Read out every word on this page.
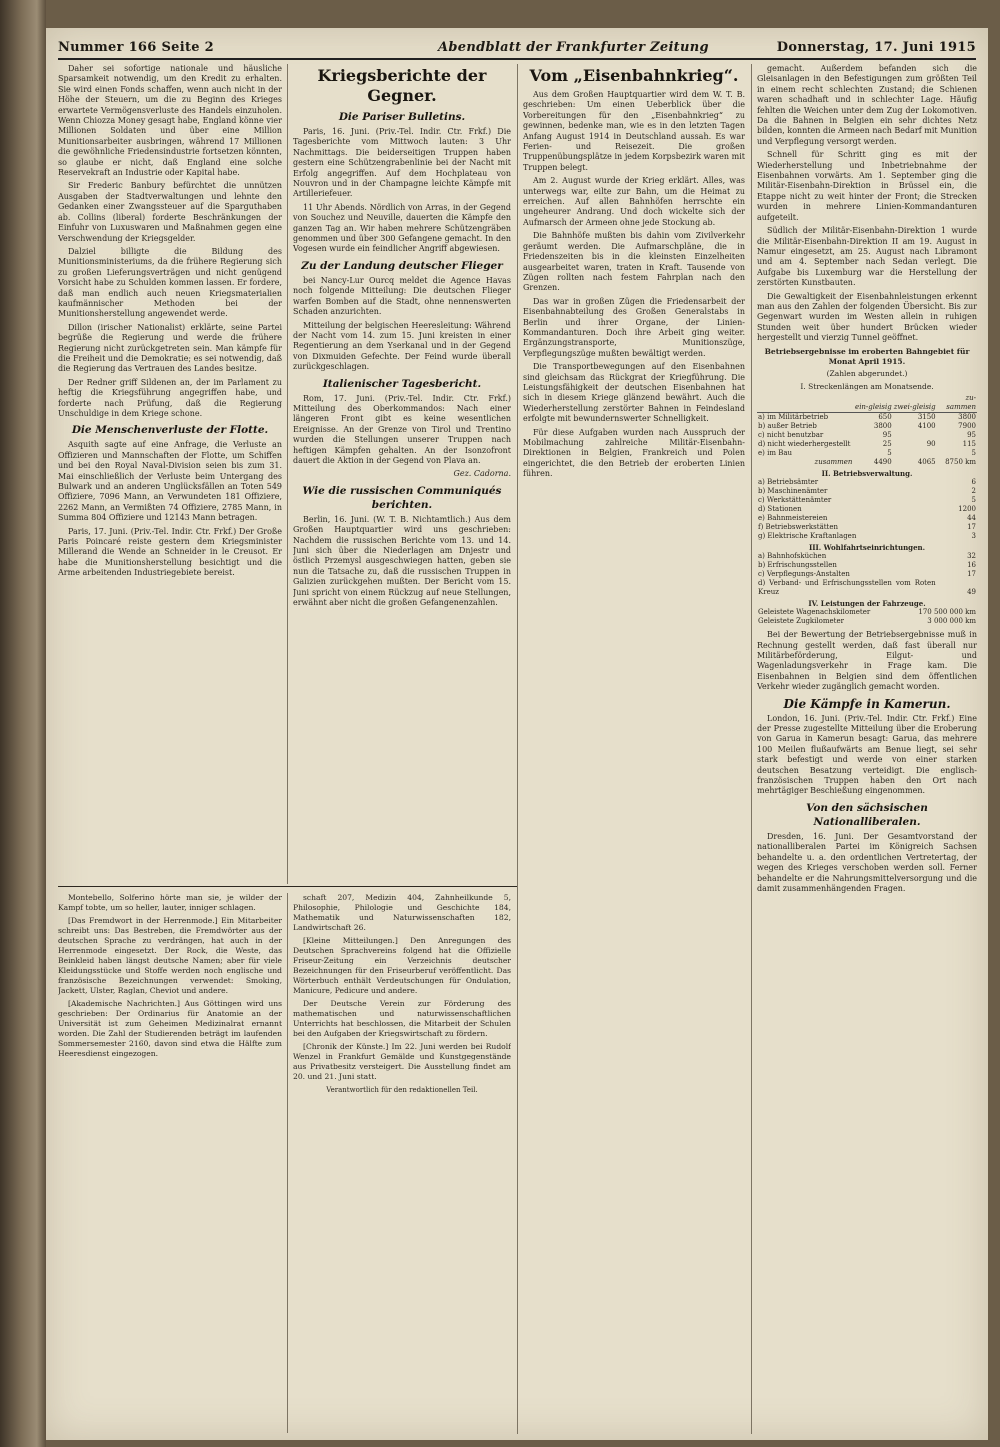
Nummer 166 Seite 2	Abendblatt der Frankfurter Zeitung	Donnerstag, 17. Juni 1915

Daher sei sofortige nationale und häusliche Sparsamkeit notwendig, um den Kredit zu erhalten. Sie wird einen Fonds schaffen, wenn auch nicht in der Höhe der Steuern, um die zu Beginn des Krieges erwartete Vermögensverluste des Handels einzuholen. Wenn Chiozza Money gesagt habe, England könne vier Millionen Soldaten und über eine Million Munitionsarbeiter ausbringen, während 17 Millionen die gewöhnliche Friedensindustrie fortsetzen könnten, so glaube er nicht, daß England eine solche Reservekraft an Industrie oder Kapital habe.

Sir Frederic Banbury befürchtet die unnützen Ausgaben der Stadtverwaltungen und lehnte den Gedanken einer Zwangssteuer auf die Sparguthaben ab. Collins (liberal) forderte Beschränkungen der Einfuhr von Luxuswaren und Maßnahmen gegen eine Verschwendung der Kriegsgelder.

Dalziel billigte die Bildung des Munitionsministeriums, da die frühere Regierung sich zu großen Lieferungsverträgen und nicht genügend Vorsicht habe zu Schulden kommen lassen. Er fordere, daß man endlich auch neuen Kriegsmaterialien kaufmännischer Methoden bei der Munitionsherstellung angewendet werde.

Dillon (irischer Nationalist) erklärte, seine Partei begrüße die Regierung und werde die frühere Regierung nicht zurückgetreten sein. Man kämpfe für die Freiheit und die Demokratie; es sei notwendig, daß die Regierung das Vertrauen des Landes besitze.

Der Redner griff Sildenen an, der im Parlament zu heftig die Kriegsführung angegriffen habe, und forderte nach Prüfung, daß die Regierung Unschuldige in dem Kriege schone.

Die Menschenverluste der Flotte.

Asquith sagte auf eine Anfrage, die Verluste an Offizieren und Mannschaften der Flotte, um Schiffen und bei den Royal Naval-Division seien bis zum 31. Mai einschließlich der Verluste beim Untergang des Bulwark und an anderen Unglücksfällen an Toten 549 Offiziere, 7096 Mann, an Verwundeten 181 Offiziere, 2262 Mann, an Vermißten 74 Offiziere, 2785 Mann, in Summa 804 Offiziere und 12143 Mann betragen.

Paris, 17. Juni. (Priv.-Tel. Indir. Ctr. Frkf.) Der Große Paris Poincaré reiste gestern dem Kriegsminister Millerand die Wende an Schneider in le Creusot. Er habe die Munitionsherstellung besichtigt und die Arme arbeitenden Industriegebiete bereist.

Kriegsberichte der Gegner.
Die Pariser Bulletins.

Paris, 16. Juni. (Priv.-Tel. Indir. Ctr. Frkf.) Die Tagesberichte vom Mittwoch lauten: 3 Uhr Nachmittags. Die beiderseitigen Truppen haben gestern eine Schützengrabenlinie bei der Nacht mit Erfolg angegriffen. Auf dem Hochplateau von Nouvron und in der Champagne leichte Kämpfe mit Artilleriefeuer.

11 Uhr Abends. Nördlich von Arras, in der Gegend von Souchez und Neuville, dauerten die Kämpfe den ganzen Tag an. Wir haben mehrere Schützengräben genommen und über 300 Gefangene gemacht. In den Vogesen wurde ein feindlicher Angriff abgewiesen.

Zu der Landung deutscher Flieger

bei Nancy-Lur Ourcq meldet die Agence Havas noch folgende Mitteilung: Die deutschen Flieger warfen Bomben auf die Stadt, ohne nennenswerten Schaden anzurichten.

Mitteilung der belgischen Heeresleitung: Während der Nacht vom 14. zum 15. Juni kreisten in einer Regentierung an dem Yserkanal und in der Gegend von Dixmuiden Gefechte. Der Feind wurde überall zurückgeschlagen.

Italienischer Tagesbericht.

Rom, 17. Juni. (Priv.-Tel. Indir. Ctr. Frkf.) Mitteilung des Oberkommandos: Nach einer längeren Front gibt es keine wesentlichen Ereignisse. An der Grenze von Tirol und Trentino wurden die Stellungen unserer Truppen nach heftigen Kämpfen gehalten. An der Isonzofront dauert die Aktion in der Gegend von Plava an.

Gez. Cadorna.
Wie die russischen Communiqués berichten.

Berlin, 16. Juni. (W. T. B. Nichtamtlich.) Aus dem Großen Hauptquartier wird uns geschrieben: Nachdem die russischen Berichte vom 13. und 14. Juni sich über die Niederlagen am Dnjestr und östlich Przemysl ausgeschwiegen hatten, geben sie nun die Tatsache zu, daß die russischen Truppen in Galizien zurückgehen mußten. Der Bericht vom 15. Juni spricht von einem Rückzug auf neue Stellungen, erwähnt aber nicht die großen Gefangenenzahlen.

Vom „Eisenbahnkrieg“.

Aus dem Großen Hauptquartier wird dem W. T. B. geschrieben: Um einen Ueberblick über die Vorbereitungen für den „Eisenbahnkrieg“ zu gewinnen, bedenke man, wie es in den letzten Tagen Anfang August 1914 in Deutschland aussah. Es war Ferien- und Reisezeit. Die großen Truppenübungsplätze in jedem Korpsbezirk waren mit Truppen belegt.

Am 2. August wurde der Krieg erklärt. Alles, was unterwegs war, eilte zur Bahn, um die Heimat zu erreichen. Auf allen Bahnhöfen herrschte ein ungeheurer Andrang. Und doch wickelte sich der Aufmarsch der Armeen ohne jede Stockung ab.

Die Bahnhöfe mußten bis dahin vom Zivilverkehr geräumt werden. Die Aufmarschpläne, die in Friedenszeiten bis in die kleinsten Einzelheiten ausgearbeitet waren, traten in Kraft. Tausende von Zügen rollten nach festem Fahrplan nach den Grenzen.

Das war in großen Zügen die Friedensarbeit der Eisenbahnabteilung des Großen Generalstabs in Berlin und ihrer Organe, der Linien-Kommandanturen. Doch ihre Arbeit ging weiter. Ergänzungstransporte, Munitionszüge, Verpflegungszüge mußten bewältigt werden.

Die Transportbewegungen auf den Eisenbahnen sind gleichsam das Rückgrat der Kriegführung. Die Leistungsfähigkeit der deutschen Eisenbahnen hat sich in diesem Kriege glänzend bewährt. Auch die Wiederherstellung zerstörter Bahnen in Feindesland erfolgte mit bewundernswerter Schnelligkeit.

Für diese Aufgaben wurden nach Ausspruch der Mobilmachung zahlreiche Militär-Eisenbahn-Direktionen in Belgien, Frankreich und Polen eingerichtet, die den Betrieb der eroberten Linien führen.

gemacht. Außerdem befanden sich die Gleisanlagen in den Befestigungen zum größten Teil in einem recht schlechten Zustand; die Schienen waren schadhaft und in schlechter Lage. Häufig fehlten die Weichen unter dem Zug der Lokomotiven. Da die Bahnen in Belgien ein sehr dichtes Netz bilden, konnten die Armeen nach Bedarf mit Munition und Verpflegung versorgt werden.

Schnell für Schritt ging es mit der Wiederherstellung und Inbetriebnahme der Eisenbahnen vorwärts. Am 1. September ging die Militär-Eisenbahn-Direktion in Brüssel ein, die Etappe nicht zu weit hinter der Front; die Strecken wurden in mehrere Linien-Kommandanturen aufgeteilt.

Südlich der Militär-Eisenbahn-Direktion 1 wurde die Militär-Eisenbahn-Direktion II am 19. August in Namur eingesetzt, am 25. August nach Libramont und am 4. September nach Sedan verlegt. Die Aufgabe bis Luxemburg war die Herstellung der zerstörten Kunstbauten.

Die Gewaltigkeit der Eisenbahnleistungen erkennt man aus den Zahlen der folgenden Übersicht. Bis zur Gegenwart wurden im Westen allein in ruhigen Stunden weit über hundert Brücken wieder hergestellt und vierzig Tunnel geöffnet.

Betriebsergebnisse im eroberten Bahngebiet für Monat April 1915.
(Zahlen abgerundet.)
I. Streckenlängen am Monatsende.
	ein-gleisig	zwei-gleisig	zu-sammen
a) im Militärbetrieb	650	3150	3800
b) außer Betrieb	3800	4100	7900
c) nicht benutzbar	95		95
d) nicht wiederhergestellt	25	90	115
e) im Bau	5		5
zusammen	4490	4065	8750 km
II. Betriebsverwaltung.			
a) Betriebsämter			6
b) Maschinenämter			2
c) Werkstättenämter			5
d) Stationen			1200
e) Bahnmeistereien			44
f) Betriebswerkstätten			17
g) Elektrische Kraftanlagen			3
III. Wohlfahrtseinrichtungen.			
a) Bahnhofsküchen			32
b) Erfrischungsstellen			16
c) Verpflegungs-Anstalten			17
d) Verband- und Erfrischungsstellen vom Roten Kreuz			49
IV. Leistungen der Fahrzeuge.			
Geleistete Wagenachskilometer		170 500 000 km	
Geleistete Zugkilometer		3 000 000 km	

Bei der Bewertung der Betriebsergebnisse muß in Rechnung gestellt werden, daß fast überall nur Militärbeförderung, Eilgut- und Wagenladungsverkehr in Frage kam. Die Eisenbahnen in Belgien sind dem öffentlichen Verkehr wieder zugänglich gemacht worden.

Die Kämpfe in Kamerun.

London, 16. Juni. (Priv.-Tel. Indir. Ctr. Frkf.) Eine der Presse zugestellte Mitteilung über die Eroberung von Garua in Kamerun besagt: Garua, das mehrere 100 Meilen flußaufwärts am Benue liegt, sei sehr stark befestigt und werde von einer starken deutschen Besatzung verteidigt. Die englisch-französischen Truppen haben den Ort nach mehrtägiger Beschießung eingenommen.

Von den sächsischen Nationalliberalen.

Dresden, 16. Juni. Der Gesamtvorstand der nationalliberalen Partei im Königreich Sachsen behandelte u. a. den ordentlichen Vertretertag, der wegen des Krieges verschoben werden soll. Ferner behandelte er die Nahrungsmittelversorgung und die damit zusammenhängenden Fragen.

Montebello, Solferino hörte man sie, je wilder der Kampf tobte, um so heller, lauter, inniger schlagen.

[Das Fremdwort in der Herrenmode.] Ein Mitarbeiter schreibt uns: Das Bestreben, die Fremdwörter aus der deutschen Sprache zu verdrängen, hat auch in der Herrenmode eingesetzt. Der Rock, die Weste, das Beinkleid haben längst deutsche Namen; aber für viele Kleidungsstücke und Stoffe werden noch englische und französische Bezeichnungen verwendet: Smoking, Jackett, Ulster, Raglan, Cheviot und andere.

[Akademische Nachrichten.] Aus Göttingen wird uns geschrieben: Der Ordinarius für Anatomie an der Universität ist zum Geheimen Medizinalrat ernannt worden. Die Zahl der Studierenden beträgt im laufenden Sommersemester 2160, davon sind etwa die Hälfte zum Heeresdienst eingezogen.

schaft 207, Medizin 404, Zahnheilkunde 5, Philosophie, Philologie und Geschichte 184, Mathematik und Naturwissenschaften 182, Landwirtschaft 26.

[Kleine Mitteilungen.] Den Anregungen des Deutschen Sprachvereins folgend hat die Offizielle Friseur-Zeitung ein Verzeichnis deutscher Bezeichnungen für den Friseurberuf veröffentlicht. Das Wörterbuch enthält Verdeutschungen für Ondulation, Manicure, Pedicure und andere.

Der Deutsche Verein zur Förderung des mathematischen und naturwissenschaftlichen Unterrichts hat beschlossen, die Mitarbeit der Schulen bei den Aufgaben der Kriegswirtschaft zu fördern.

[Chronik der Künste.] Im 22. Juni werden bei Rudolf Wenzel in Frankfurt Gemälde und Kunstgegenstände aus Privatbesitz versteigert. Die Ausstellung findet am 20. und 21. Juni statt.

Verantwortlich für den redaktionellen Teil.
